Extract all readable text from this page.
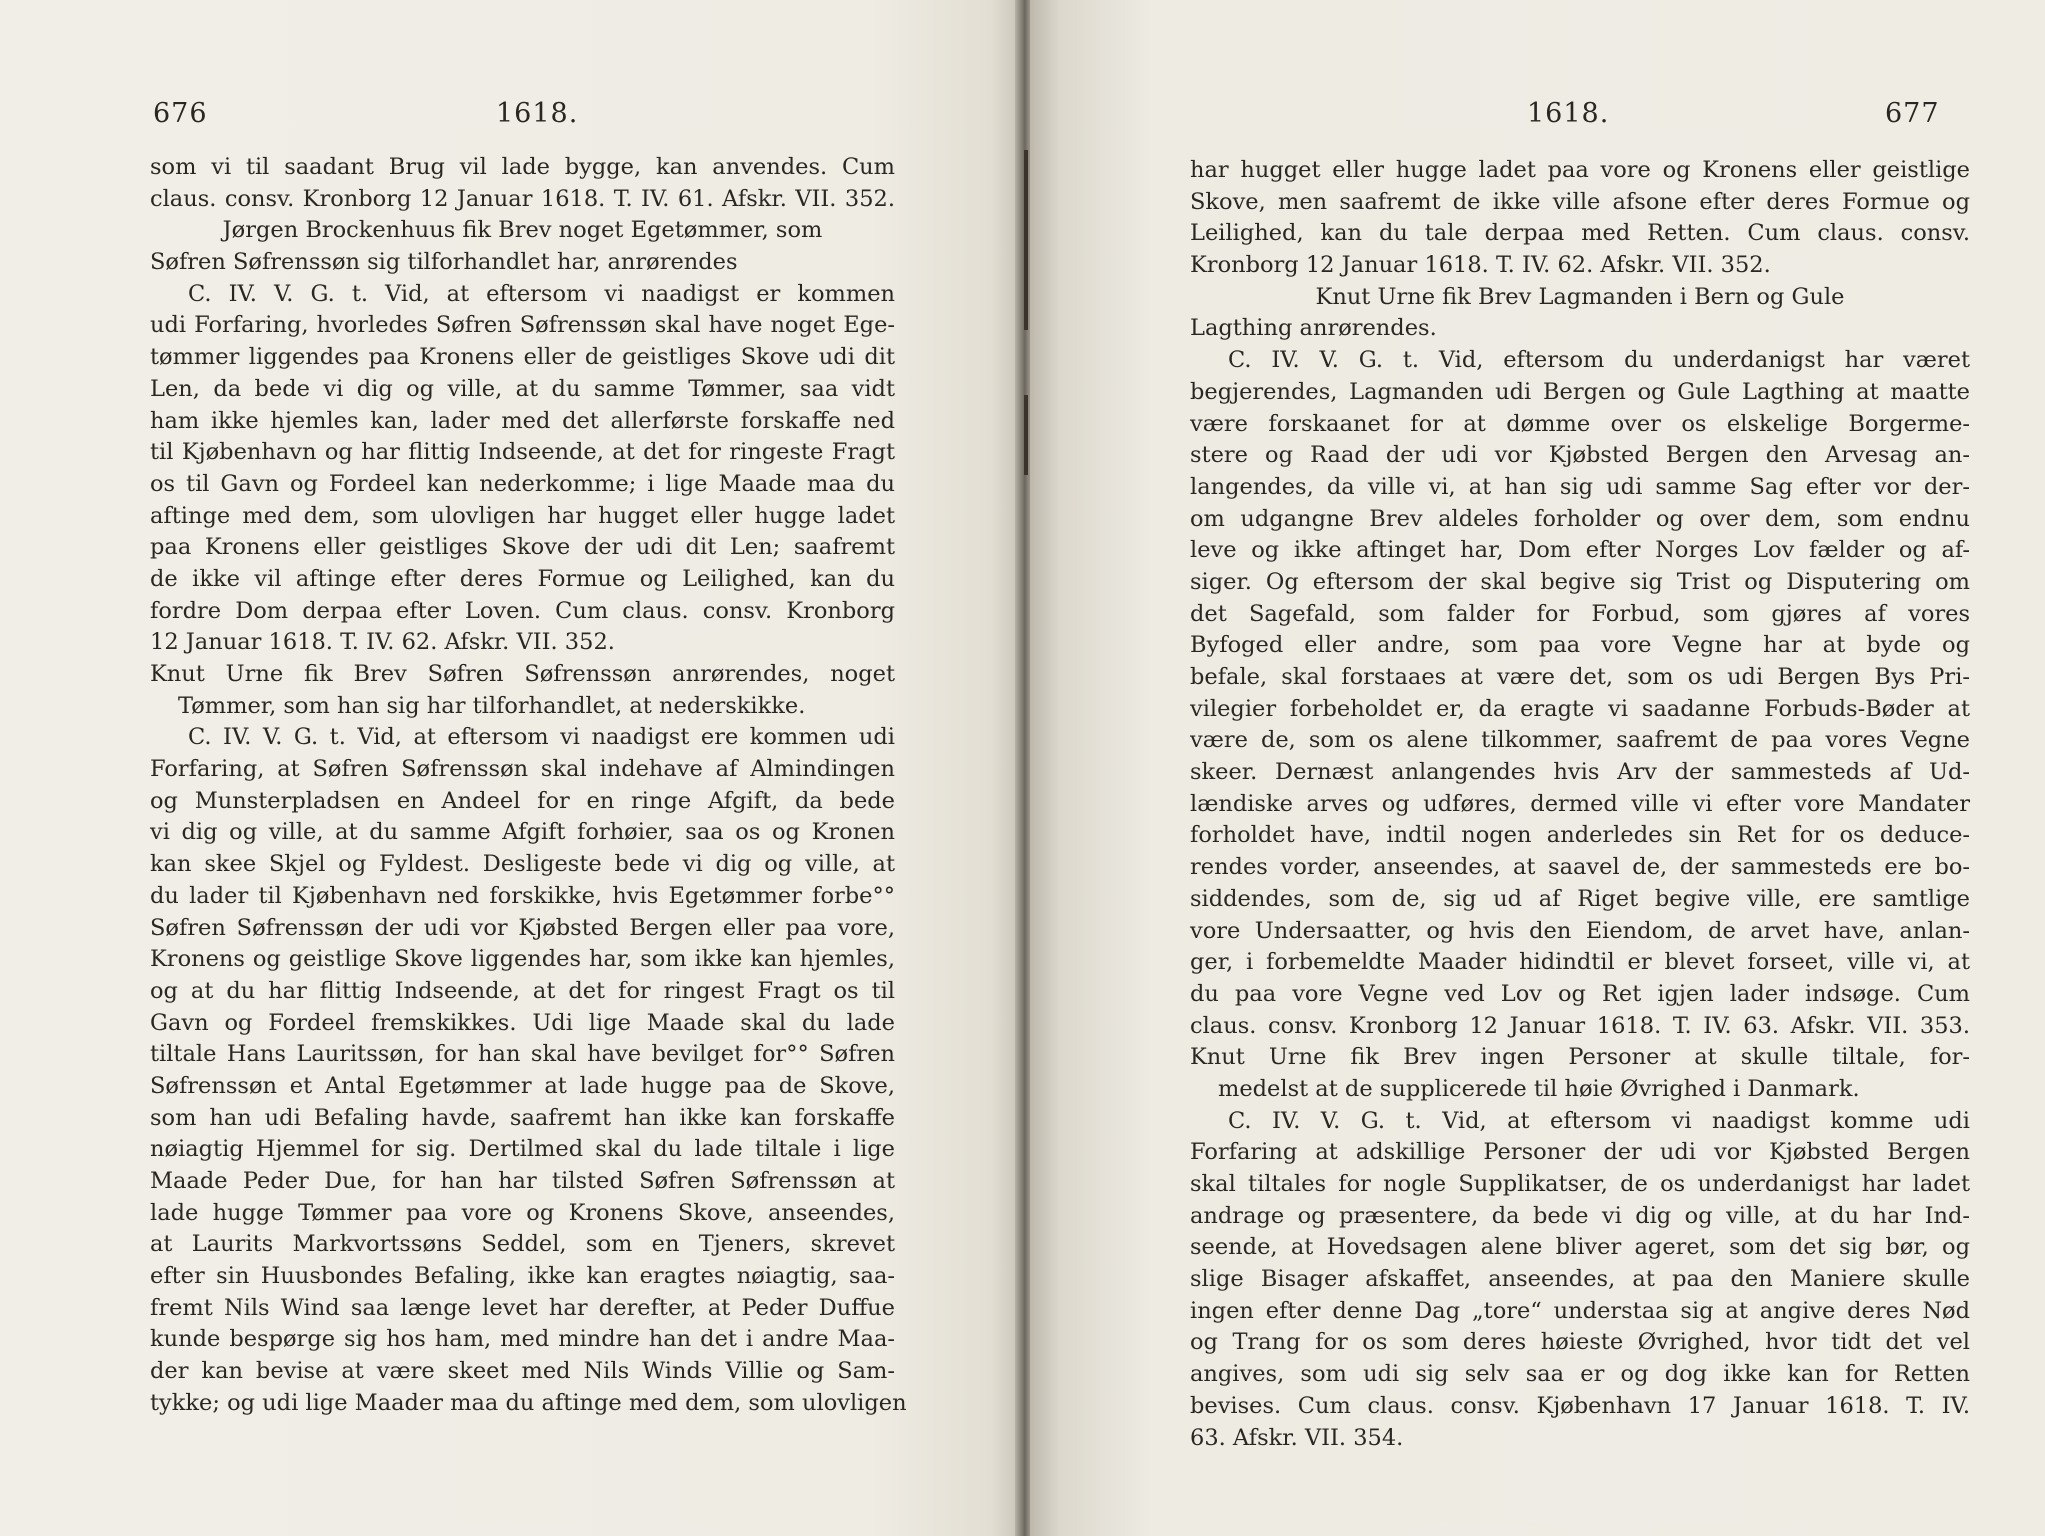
676	1618.
som vi til saadant Brug vil lade bygge, kan anvendes. Cum
claus. consv. Kronborg 12 Januar 1618. T. IV. 61. Afskr. VII. 352.
Jørgen Brockenhuus fik Brev noget Egetømmer, som
Søfren Søfrenssøn sig tilforhandlet har, anrørendes
C. IV. V. G. t. Vid, at eftersom vi naadigst er kommen
udi Forfaring, hvorledes Søfren Søfrenssøn skal have noget Ege-
tømmer liggendes paa Kronens eller de geistliges Skove udi dit
Len, da bede vi dig og ville, at du samme Tømmer, saa vidt
ham ikke hjemles kan, lader med det allerførste forskaffe ned
til Kjøbenhavn og har flittig Indseende, at det for ringeste Fragt
os til Gavn og Fordeel kan nederkomme; i lige Maade maa du
aftinge med dem, som ulovligen har hugget eller hugge ladet
paa Kronens eller geistliges Skove der udi dit Len; saafremt
de ikke vil aftinge efter deres Formue og Leilighed, kan du
fordre Dom derpaa efter Loven. Cum claus. consv. Kronborg
12 Januar 1618. T. IV. 62. Afskr. VII. 352.
Knut Urne fik Brev Søfren Søfrenssøn anrørendes, noget
Tømmer, som han sig har tilforhandlet, at nederskikke.
C. IV. V. G. t. Vid, at eftersom vi naadigst ere kommen udi
Forfaring, at Søfren Søfrenssøn skal indehave af Almindingen
og Munsterpladsen en Andeel for en ringe Afgift, da bede
vi dig og ville, at du samme Afgift forhøier, saa os og Kronen
kan skee Skjel og Fyldest. Desligeste bede vi dig og ville, at
du lader til Kjøbenhavn ned forskikke, hvis Egetømmer forbe°°
Søfren Søfrenssøn der udi vor Kjøbsted Bergen eller paa vore,
Kronens og geistlige Skove liggendes har, som ikke kan hjemles,
og at du har flittig Indseende, at det for ringest Fragt os til
Gavn og Fordeel fremskikkes. Udi lige Maade skal du lade
tiltale Hans Lauritssøn, for han skal have bevilget for°° Søfren
Søfrenssøn et Antal Egetømmer at lade hugge paa de Skove,
som han udi Befaling havde, saafremt han ikke kan forskaffe
nøiagtig Hjemmel for sig. Dertilmed skal du lade tiltale i lige
Maade Peder Due, for han har tilsted Søfren Søfrenssøn at
lade hugge Tømmer paa vore og Kronens Skove, anseendes,
at Laurits Markvortssøns Seddel, som en Tjeners, skrevet
efter sin Huusbondes Befaling, ikke kan eragtes nøiagtig, saa-
fremt Nils Wind saa længe levet har derefter, at Peder Duffue
kunde bespørge sig hos ham, med mindre han det i andre Maa-
der kan bevise at være skeet med Nils Winds Villie og Sam-
tykke; og udi lige Maader maa du aftinge med dem, som ulovligen
1618.	677
har hugget eller hugge ladet paa vore og Kronens eller geistlige
Skove, men saafremt de ikke ville afsone efter deres Formue og
Leilighed, kan du tale derpaa med Retten. Cum claus. consv.
Kronborg 12 Januar 1618. T. IV. 62. Afskr. VII. 352.
Knut Urne fik Brev Lagmanden i Bern og Gule
Lagthing anrørendes.
C. IV. V. G. t. Vid, eftersom du underdanigst har været
begjerendes, Lagmanden udi Bergen og Gule Lagthing at maatte
være forskaanet for at dømme over os elskelige Borgerme-
stere og Raad der udi vor Kjøbsted Bergen den Arvesag an-
langendes, da ville vi, at han sig udi samme Sag efter vor der-
om udgangne Brev aldeles forholder og over dem, som endnu
leve og ikke aftinget har, Dom efter Norges Lov fælder og af-
siger. Og eftersom der skal begive sig Trist og Disputering om
det Sagefald, som falder for Forbud, som gjøres af vores
Byfoged eller andre, som paa vore Vegne har at byde og
befale, skal forstaaes at være det, som os udi Bergen Bys Pri-
vilegier forbeholdet er, da eragte vi saadanne Forbuds-Bøder at
være de, som os alene tilkommer, saafremt de paa vores Vegne
skeer. Dernæst anlangendes hvis Arv der sammesteds af Ud-
lændiske arves og udføres, dermed ville vi efter vore Mandater
forholdet have, indtil nogen anderledes sin Ret for os deduce-
rendes vorder, anseendes, at saavel de, der sammesteds ere bo-
siddendes, som de, sig ud af Riget begive ville, ere samtlige
vore Undersaatter, og hvis den Eiendom, de arvet have, anlan-
ger, i forbemeldte Maader hidindtil er blevet forseet, ville vi, at
du paa vore Vegne ved Lov og Ret igjen lader indsøge. Cum
claus. consv. Kronborg 12 Januar 1618. T. IV. 63. Afskr. VII. 353.
Knut Urne fik Brev ingen Personer at skulle tiltale, for-
medelst at de supplicerede til høie Øvrighed i Danmark.
C. IV. V. G. t. Vid, at eftersom vi naadigst komme udi
Forfaring at adskillige Personer der udi vor Kjøbsted Bergen
skal tiltales for nogle Supplikatser, de os underdanigst har ladet
andrage og præsentere, da bede vi dig og ville, at du har Ind-
seende, at Hovedsagen alene bliver ageret, som det sig bør, og
slige Bisager afskaffet, anseendes, at paa den Maniere skulle
ingen efter denne Dag „tore“ understaa sig at angive deres Nød
og Trang for os som deres høieste Øvrighed, hvor tidt det vel
angives, som udi sig selv saa er og dog ikke kan for Retten
bevises. Cum claus. consv. Kjøbenhavn 17 Januar 1618. T. IV.
63. Afskr. VII. 354.
